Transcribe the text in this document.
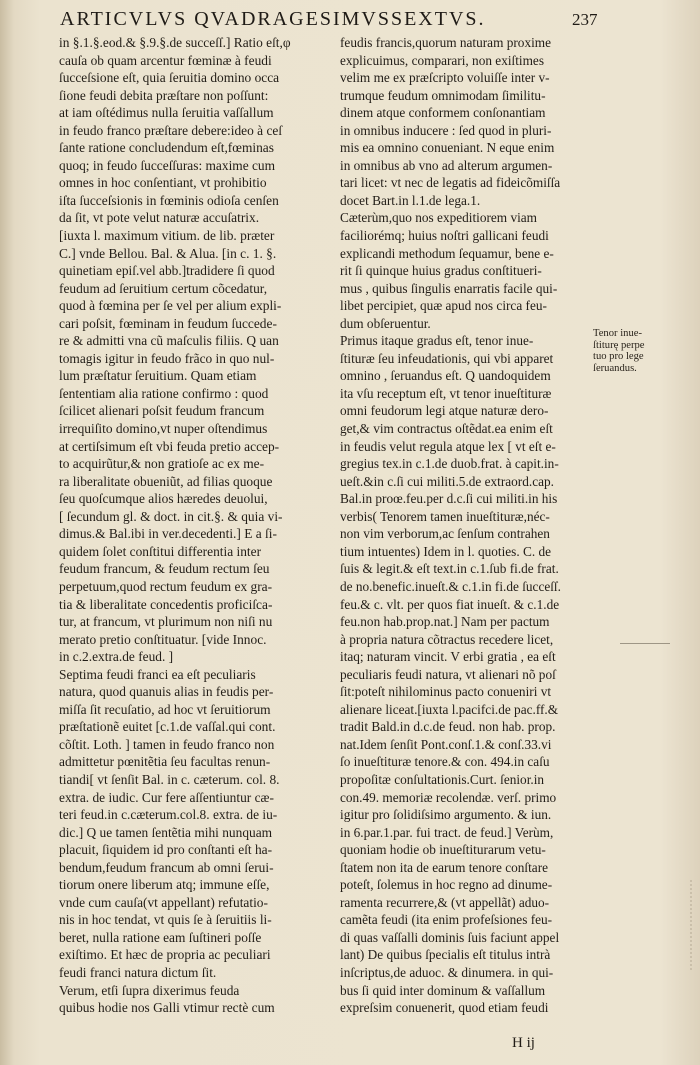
ARTICVLVS QVADRAGESIMVSSEXTVS.	237
in §.1.§.eod.& §.9.§.de succeſſ.] Ratio eſt,φ
cauſa ob quam arcentur fœminæ à feudi
ſucceſsione eſt, quia ſeruitia domino occa
ſione feudi debita præſtare non poſſunt:
at iam oſtédimus nulla ſeruitia vaſſallum
in feudo franco præſtare debere:ideo à ceſ
ſante ratione concludendum eſt,fœminas
quoq; in feudo ſucceſſuras: maxime cum
omnes in hoc conſentiant, vt prohibitio
iſta ſucceſsionis in fœminis odioſa cenſen
da ſit, vt pote velut naturæ accuſatrix.
[iuxta l. maximum vitium. de lib. præter
C.] vnde Bellou. Bal. & Alua. [in c. 1. §.
quinetiam epiſ.vel abb.]tradidere ſi quod
feudum ad ſeruitium certum cõcedatur,
quod à fœmina per ſe vel per alium expli-
cari poſsit, fœminam in feudum ſuccede-
re & admitti vna cũ maſculis filiis. Q uan
tomagis igitur in feudo frãco in quo nul-
lum præſtatur ſeruitium. Quam etiam
ſententiam alia ratione confirmo : quod
ſcilicet alienari poſsit feudum francum
irrequiſito domino,vt nuper oſtendimus
at certiſsimum eſt vbi feuda pretio accep-
to acquirũtur,& non gratioſe ac ex me-
ra liberalitate obueniũt, ad filias quoque
ſeu quoſcumque alios hæredes deuolui,
[ ſecundum gl. & doct. in cit.§. & quia vi-
dimus.& Bal.ibi in ver.decedenti.] E a ſi-
quidem ſolet conſtitui differentia inter
feudum francum, & feudum rectum ſeu
perpetuum,quod rectum feudum ex gra-
tia & liberalitate concedentis proficiſca-
tur, at francum, vt plurimum non niſi nu
merato pretio conſtituatur. [vide Innoc.
in c.2.extra.de feud. ]
Septima feudi franci ea eſt peculiaris
natura, quod quanuis alias in feudis per-
miſſa ſit recuſatio, ad hoc vt ſeruitiorum
præſtationẽ euitet [c.1.de vaſſal.qui cont.
cõſtit. Loth. ] tamen in feudo franco non
admittetur pœnitẽtia ſeu facultas renun-
tiandi[ vt ſenſit Bal. in c. cæterum. col. 8.
extra. de iudic. Cur fere aſſentiuntur cæ-
teri feud.in c.cæterum.col.8. extra. de iu-
dic.] Q ue tamen ſentẽtia mihi nunquam
placuit, ſiquidem id pro conſtanti eſt ha-
bendum,feudum francum ab omni ſerui-
tiorum onere liberum atq; immune eſſe,
vnde cum cauſa(vt appellant) refutatio-
nis in hoc tendat, vt quis ſe à ſeruitiis li-
beret, nulla ratione eam ſuſtineri poſſe
exiſtimo. Et hæc de propria ac peculiari
feudi franci natura dictum ſit.
Verum, etſi ſupra dixerimus feuda
quibus hodie nos Galli vtimur rectè cum
feudis francis,quorum naturam proxime
explicuimus, comparari, non exiſtimes
velim me ex præſcripto voluiſſe inter v-
trumque feudum omnimodam ſimilitu-
dinem atque conformem conſonantiam
in omnibus inducere : ſed quod in pluri-
mis ea omnino conueniant. N eque enim
in omnibus ab vno ad alterum argumen-
tari licet: vt nec de legatis ad fideicõmiſſa
docet Bart.in l.1.de lega.1.
Cæterùm,quo nos expeditiorem viam
faciliorémq; huius noſtri gallicani feudi
explicandi methodum ſequamur, bene e-
rit ſi quinque huius gradus conſtitueri-
mus , quibus ſingulis enarratis facile qui-
libet percipiet, quæ apud nos circa feu-
dum obſeruentur.
Primus itaque gradus eſt, tenor inue-
ſtituræ ſeu infeudationis, qui vbi apparet
omnino , ſeruandus eſt. Q uandoquidem
ita vſu receptum eſt, vt tenor inueſtituræ
omni feudorum legi atque naturæ dero-
get,& vim contractus oſtẽdat.ea enim eſt
in feudis velut regula atque lex [ vt eſt e-
gregius tex.in c.1.de duob.frat. à capit.in-
ueſt.&in c.ſi cui militi.5.de extraord.cap.
Bal.in proœ.feu.per d.c.ſi cui militi.in his
verbis( Tenorem tamen inueſtituræ,néc-
non vim verborum,ac ſenſum contrahen
tium intuentes) Idem in l. quoties. C. de
ſuis & legit.& eſt text.in c.1.ſub fi.de frat.
de no.benefic.inueſt.& c.1.in fi.de ſucceſſ.
feu.& c. vlt. per quos fiat inueſt. & c.1.de
feu.non hab.prop.nat.] Nam per pactum
à propria natura cõtractus recedere licet,
itaq; naturam vincit. V erbi gratia , ea eſt
peculiaris feudi natura, vt alienari nõ poſ
ſit:poteſt nihilominus pacto conueniri vt
alienare liceat.[iuxta l.pacifci.de pac.ff.&
tradit Bald.in d.c.de feud. non hab. prop.
nat.Idem ſenſit Pont.conſ.1.& conſ.33.vi
ſo inueſtituræ tenore.& con. 494.in caſu
propoſitæ conſultationis.Curt. ſenior.in
con.49. memoriæ recolendæ. verſ. primo
igitur pro ſolidiſsimo argumento. & iun.
in 6.par.1.par. fui tract. de feud.] Verùm,
quoniam hodie ob inueſtiturarum vetu-
ſtatem non ita de earum tenore conſtare
poteſt, ſolemus in hoc regno ad dinume-
ramenta recurrere,& (vt appellãt) aduo-
camẽta feudi (ita enim profeſsiones feu-
di quas vaſſalli dominis ſuis faciunt appel
lant) De quibus ſpecialis eſt titulus intrà
inſcriptus,de aduoc. & dinumera. in qui-
bus ſi quid inter dominum & vaſſallum
expreſsim conuenerit, quod etiam feudi
Tenor inue-
ſtiturę perpe
tuo pro lege
ſeruandus.
H ij
